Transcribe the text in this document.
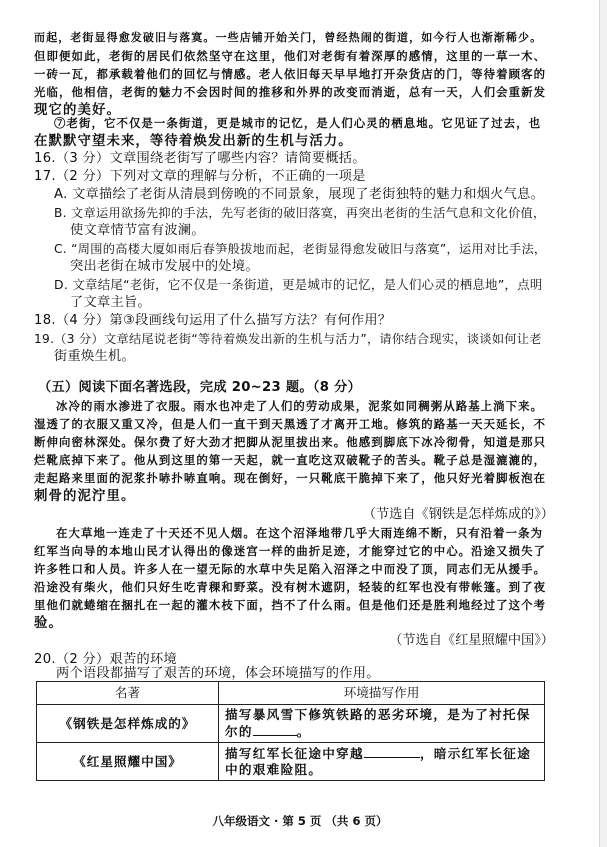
而起，老街显得愈发破旧与落寞。一些店铺开始关门，曾经热闹的街道，如今行人也渐渐稀少。
但即便如此，老街的居民们依然坚守在这里，他们对老街有着深厚的感情，这里的一草一木、
一砖一瓦，都承载着他们的回忆与情感。老人依旧每天早早地打开杂货店的门，等待着顾客的
光临，他相信，老街的魅力不会因时间的推移和外界的改变而消逝，总有一天，人们会重新发
现它的美好。
⑦老街，它不仅是一条街道，更是城市的记忆，是人们心灵的栖息地。它见证了过去，也
在默默守望未来，等待着焕发出新的生机与活力。
16.（3 分）文章围绕老街写了哪些内容？请简要概括。
17.（2 分）下列对文章的理解与分析，不正确的一项是
A. 文章描绘了老街从清晨到傍晚的不同景象，展现了老街独特的魅力和烟火气息。
B. 文章运用欲扬先抑的手法，先写老街的破旧落寞，再突出老街的生活气息和文化价值，
使文章情节富有波澜。
C. “周围的高楼大厦如雨后春笋般拔地而起，老街显得愈发破旧与落寞”，运用对比手法，
突出老街在城市发展中的处境。
D. 文章结尾“老街，它不仅是一条街道，更是城市的记忆，是人们心灵的栖息地”，点明
了文章主旨。
18.（4 分）第③段画线句运用了什么描写方法？有何作用？
19.（3 分）文章结尾说老街“等待着焕发出新的生机与活力”，请你结合现实，谈谈如何让老
街重焕生机。
（五）阅读下面名著选段，完成 20~23 题。（8 分）
冰冷的雨水渗进了衣服。雨水也冲走了人们的劳动成果，泥浆如同稠粥从路基上淌下来。
湿透了的衣服又重又冷，但是人们一直干到天黑透了才离开工地。修筑的路基一天天延长，不
断伸向密林深处。保尔费了好大劲才把脚从泥里拔出来。他感到脚底下冰冷彻骨，知道是那只
烂靴底掉下来了。他从到这里的第一天起，就一直吃这双破靴子的苦头。靴子总是湿漉漉的，
走起路来里面的泥浆扑哧扑哧直响。现在倒好，一只靴底干脆掉下来了，他只好光着脚板泡在
刺骨的泥泞里。
（节选自《钢铁是怎样炼成的》）
在大草地一连走了十天还不见人烟。在这个沼泽地带几乎大雨连绵不断，只有沿着一条为
红军当向导的本地山民才认得出的像迷宫一样的曲折足迹，才能穿过它的中心。沿途又损失了
许多牲口和人员。许多人在一望无际的水草中失足陷入沼泽之中而没了顶，同志们无从援手。
沿途没有柴火，他们只好生吃青稞和野菜。没有树木遮阴，轻装的红军也没有带帐篷。到了夜
里他们就蜷缩在捆扎在一起的灌木枝下面，挡不了什么雨。但是他们还是胜利地经过了这个考
验。
（节选自《红星照耀中国》）
20.（2 分）艰苦的环境
两个语段都描写了艰苦的环境，体会环境描写的作用。
名著	环境描写作用
《钢铁是怎样炼成的》	描写暴风雪下修筑铁路的恶劣环境，是为了衬托保尔的 。
《红星照耀中国》	描写红军长征途中穿越 ，暗示红军长征途中的艰难险阻。
八年级语文 · 第 5 页 （共 6 页）
